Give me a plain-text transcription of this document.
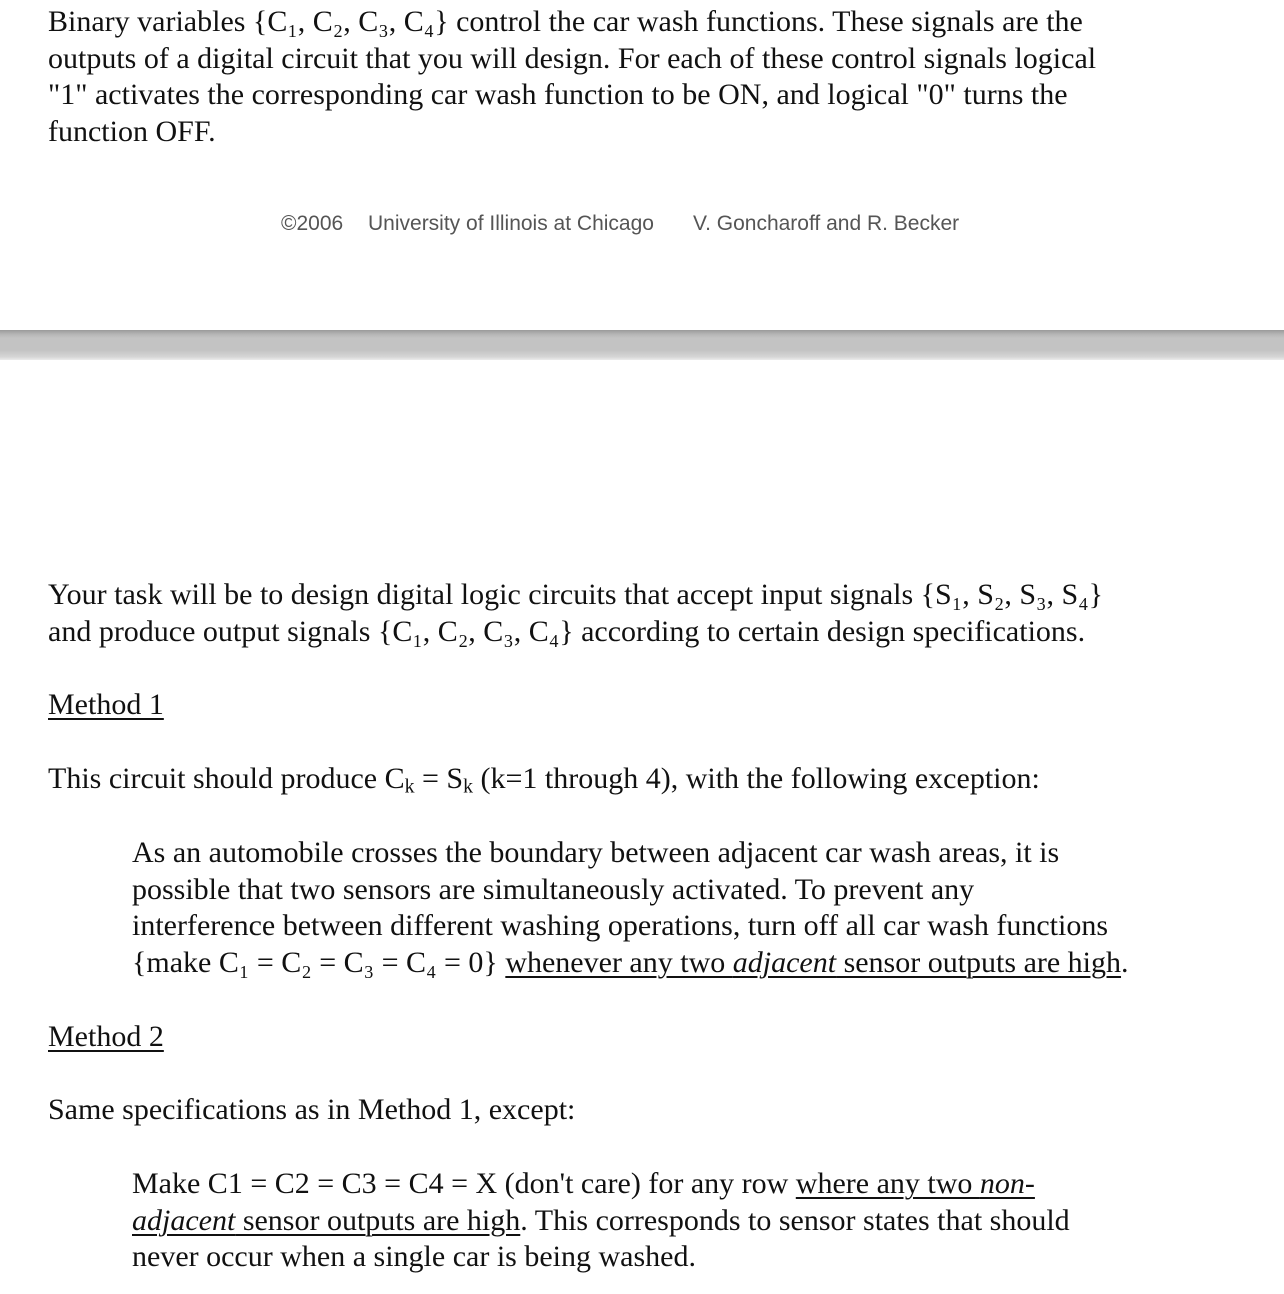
Binary variables {C₁, C₂, C₃, C₄} control the car wash functions. These signals are the
outputs of a digital circuit that you will design. For each of these control signals logical
"1" activates the corresponding car wash function to be ON, and logical "0" turns the
function OFF.
©2006 University of Illinois at Chicago V. Goncharoff and R. Becker
Your task will be to design digital logic circuits that accept input signals {S₁, S₂, S₃, S₄}
and produce output signals {C₁, C₂, C₃, C₄} according to certain design specifications.
Method 1
This circuit should produce $C_k = S_k$ (k=1 through 4), with the following exception:
As an automobile crosses the boundary between adjacent car wash areas, it is
possible that two sensors are simultaneously activated. To prevent any
interference between different washing operations, turn off all car wash functions
{make C₁ = C₂ = C₃ = C₄ = 0} whenever any two adjacent sensor outputs are high.
Method 2
Same specifications as in Method 1, except:
Make C1 = C2 = C3 = C4 = X (don't care) for any row where any two non-
adjacent sensor outputs are high. This corresponds to sensor states that should
never occur when a single car is being washed.
